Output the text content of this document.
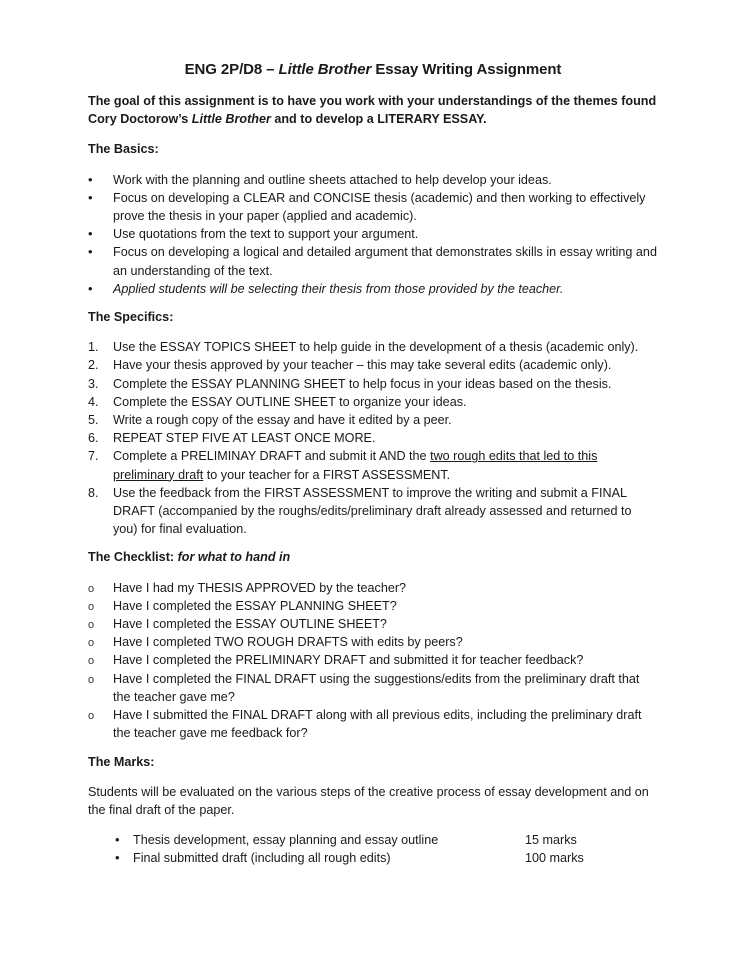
ENG 2P/D8 – Little Brother Essay Writing Assignment
The goal of this assignment is to have you work with your understandings of the themes found Cory Doctorow’s Little Brother and to develop a LITERARY ESSAY.
The Basics:
•
Work with the planning and outline sheets attached to help develop your ideas.
•
Focus on developing a CLEAR and CONCISE thesis (academic) and then working to effectively prove the thesis in your paper (applied and academic).
•
Use quotations from the text to support your argument.
•
Focus on developing a logical and detailed argument that demonstrates skills in essay writing and an understanding of the text.
•
Applied students will be selecting their thesis from those provided by the teacher.
The Specifics:
1. Use the ESSAY TOPICS SHEET to help guide in the development of a thesis (academic only).
2. Have your thesis approved by your teacher – this may take several edits (academic only).
3. Complete the ESSAY PLANNING SHEET to help focus in your ideas based on the thesis.
4. Complete the ESSAY OUTLINE SHEET to organize your ideas.
5. Write a rough copy of the essay and have it edited by a peer.
6. REPEAT STEP FIVE AT LEAST ONCE MORE.
7. Complete a PRELIMINAY DRAFT and submit it AND the two rough edits that led to this preliminary draft to your teacher for a FIRST ASSESSMENT.
8. Use the feedback from the FIRST ASSESSMENT to improve the writing and submit a FINAL DRAFT (accompanied by the roughs/edits/preliminary draft already assessed and returned to you) for final evaluation.
The Checklist: for what to hand in
o
Have I had my THESIS APPROVED by the teacher?
o
Have I completed the ESSAY PLANNING SHEET?
o
Have I completed the ESSAY OUTLINE SHEET?
o
Have I completed TWO ROUGH DRAFTS with edits by peers?
o
Have I completed the PRELIMINARY DRAFT and submitted it for teacher feedback?
o
Have I completed the FINAL DRAFT using the suggestions/edits from the preliminary draft that the teacher gave me?
o
Have I submitted the FINAL DRAFT along with all previous edits, including the preliminary draft the teacher gave me feedback for?
The Marks:
Students will be evaluated on the various steps of the creative process of essay development and on the final draft of the paper.
•
Thesis development, essay planning and essay outline	15 marks
•
Final submitted draft (including all rough edits)	100 marks
